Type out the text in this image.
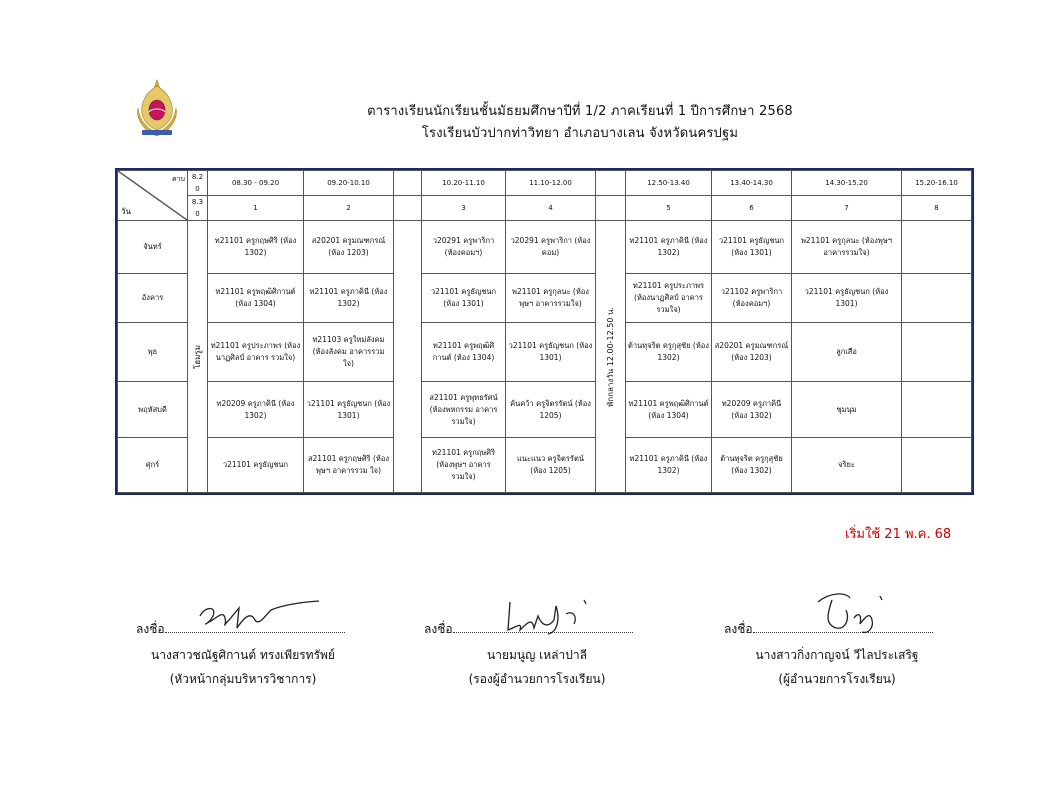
ตารางเรียนนักเรียนชั้นมัธยมศึกษาปีที่ 1/2 ภาคเรียนที่ 1 ปีการศึกษา 2568
โรงเรียนบัวปากท่าวิทยา อำเภอบางเลน จังหวัดนครปฐม
วัน
คาบ	8.20	08.30 - 09.20	09.20-10.10		10.20-11.10	11.10-12.00		12.50-13.40	13.40-14.30	14.30-15.20	15.20-16.10
	8.30	1	2		3	4		5	6	7	8
จันทร์	โฮมรูม	ท21101 ครูกฤษศิริ (ห้อง 1302)	ส20201 ครูมณฑกรณ์ (ห้อง 1203)		ว20291 ครูพาริกา (ห้องคอมฯ)	ว20291 ครูพาริกา (ห้องคอม)	พักกลางวัน 12.00-12.50 น.	ท21101 ครูภาคินี (ห้อง 1302)	ว21101 ครูธัญชนก (ห้อง 1301)	พ21101 ครูกุลนะ (ห้องพุษฯ อาคารรวมใจ)	
อังคาร		ท21101 ครูพฤฒิศิกานต์ (ห้อง 1304)	ท21101 ครูภาคินี (ห้อง 1302)		ว21101 ครูธัญชนก (ห้อง 1301)	พ21101 ครูกุลนะ (ห้องพุษฯ อาคารรวมใจ)		ท21101 ครูประภาพร (ห้องนาฏศิลป์ อาคาร รวมใจ)	ว21102 ครูพาริกา (ห้องคอมฯ)	ว21101 ครูธัญชนก (ห้อง 1301)	
พุธ		ท21101 ครูประภาพร (ห้องนาฏศิลป์ อาคาร รวมใจ)	ท21103 ครูใหม่ลังคม (ห้องลังคม อาคารรวม ใจ)		ท21101 ครูพฤฒิศิกานต์ (ห้อง 1304)	ว21101 ครูธัญชนก (ห้อง 1301)		ต้านทุจริต ครูกุสุชัย (ห้อง 1302)	ส20201 ครูมณฑกรณ์ (ห้อง 1203)	ลูกเสือ	
พฤหัสบดี		ท20209 ครูภาคินี (ห้อง 1302)	ว21101 ครูธัญชนก (ห้อง 1301)		ส21101 ครูพุทธรัศน์ (ห้องพหกรรม อาคารรวมใจ)	ค้นคว้า ครูจิตรรัตน์ (ห้อง 1205)		ท21101 ครูพฤฒิศิกานต์ (ห้อง 1304)	ท20209 ครูภาคินี (ห้อง 1302)	ชุมนุม	
ศุกร์		ว21101 ครูธัญชนก	ส21101 ครูกฤษศิริ (ห้องพุษฯ อาคารรวม ใจ)		ท21101 ครูกฤษศิริ (ห้องพุษฯ อาคาร รวมใจ)	แนะแนว ครูจิตรรัตน์ (ห้อง 1205)		ท21101 ครูภาคินี (ห้อง 1302)	ต้านทุจริต ครูกุสุชัย (ห้อง 1302)	จริยะ	
เริ่มใช้ 21 พ.ค. 68
ลงชื่อ
นางสาวชณัฐศิกานต์ ทรงเพียรทรัพย์
(หัวหน้ากลุ่มบริหารวิชาการ)
ลงชื่อ
นายมนูญ เหล่าปาลี
(รองผู้อำนวยการโรงเรียน)
ลงชื่อ
นางสาวกิ่งกาญจน์ วีไลประเสริฐ
(ผู้อำนวยการโรงเรียน)
